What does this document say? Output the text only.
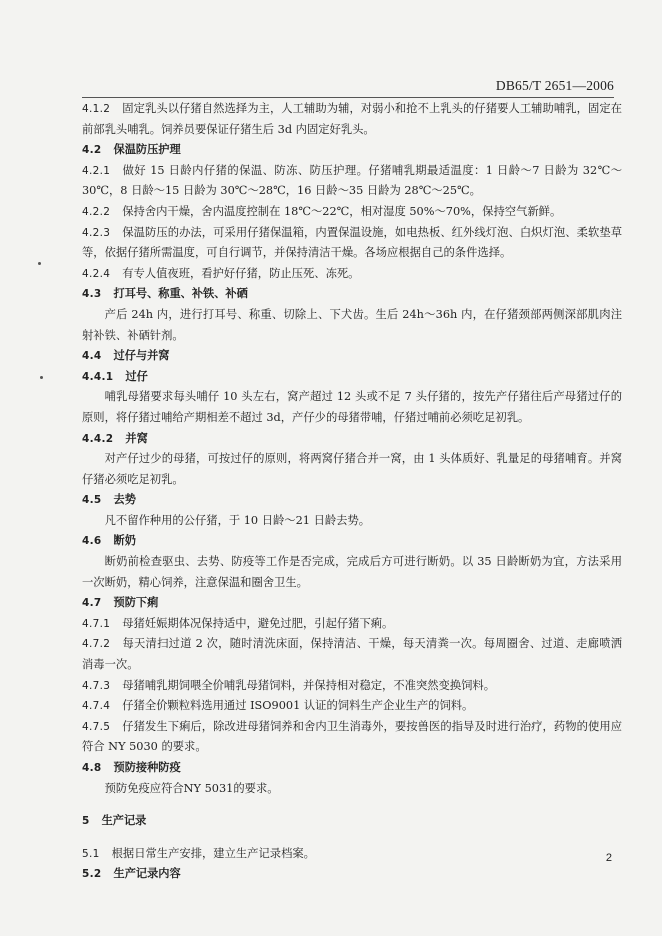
DB65/T 2651—2006

4.1.2 固定乳头以仔猪自然选择为主，人工辅助为辅，对弱小和抢不上乳头的仔猪要人工辅助哺乳，固定在前部乳头哺乳。饲养员要保证仔猪生后 3d 内固定好乳头。

4.2 保温防压护理

4.2.1 做好 15 日龄内仔猪的保温、防冻、防压护理。仔猪哺乳期最适温度：1 日龄～7 日龄为 32℃～30℃，8 日龄～15 日龄为 30℃～28℃，16 日龄～35 日龄为 28℃～25℃。

4.2.2 保持舍内干燥，舍内温度控制在 18℃～22℃，相对湿度 50%～70%，保持空气新鲜。

4.2.3 保温防压的办法，可采用仔猪保温箱，内置保温设施，如电热板、红外线灯泡、白炽灯泡、柔软垫草等，依据仔猪所需温度，可自行调节，并保持清洁干燥。各场应根据自己的条件选择。

4.2.4 有专人值夜班，看护好仔猪，防止压死、冻死。

4.3 打耳号、称重、补铁、补硒

产后 24h 内，进行打耳号、称重、切除上、下犬齿。生后 24h～36h 内，在仔猪颈部两侧深部肌肉注射补铁、补硒针剂。

4.4 过仔与并窝

4.4.1 过仔

哺乳母猪要求每头哺仔 10 头左右，窝产超过 12 头或不足 7 头仔猪的，按先产仔猪往后产母猪过仔的原则，将仔猪过哺给产期相差不超过 3d，产仔少的母猪带哺，仔猪过哺前必须吃足初乳。

4.4.2 并窝

对产仔过少的母猪，可按过仔的原则，将两窝仔猪合并一窝，由 1 头体质好、乳量足的母猪哺育。并窝仔猪必须吃足初乳。

4.5 去势

凡不留作种用的公仔猪，于 10 日龄～21 日龄去势。

4.6 断奶

断奶前检查驱虫、去势、防疫等工作是否完成，完成后方可进行断奶。以 35 日龄断奶为宜，方法采用一次断奶，精心饲养，注意保温和圈舍卫生。

4.7 预防下痢

4.7.1 母猪妊娠期体况保持适中，避免过肥，引起仔猪下痢。

4.7.2 每天清扫过道 2 次，随时清洗床面，保持清洁、干燥，每天清粪一次。每周圈舍、过道、走廊喷洒消毒一次。

4.7.3 母猪哺乳期饲喂全价哺乳母猪饲料，并保持相对稳定，不准突然变换饲料。

4.7.4 仔猪全价颗粒料选用通过 ISO9001 认证的饲料生产企业生产的饲料。

4.7.5 仔猪发生下痢后，除改进母猪饲养和舍内卫生消毒外，要按兽医的指导及时进行治疗，药物的使用应符合 NY 5030 的要求。

4.8 预防接种防疫

预防免疫应符合NY 5031的要求。

5 生产记录

5.1 根据日常生产安排，建立生产记录档案。

5.2 生产记录内容

2
